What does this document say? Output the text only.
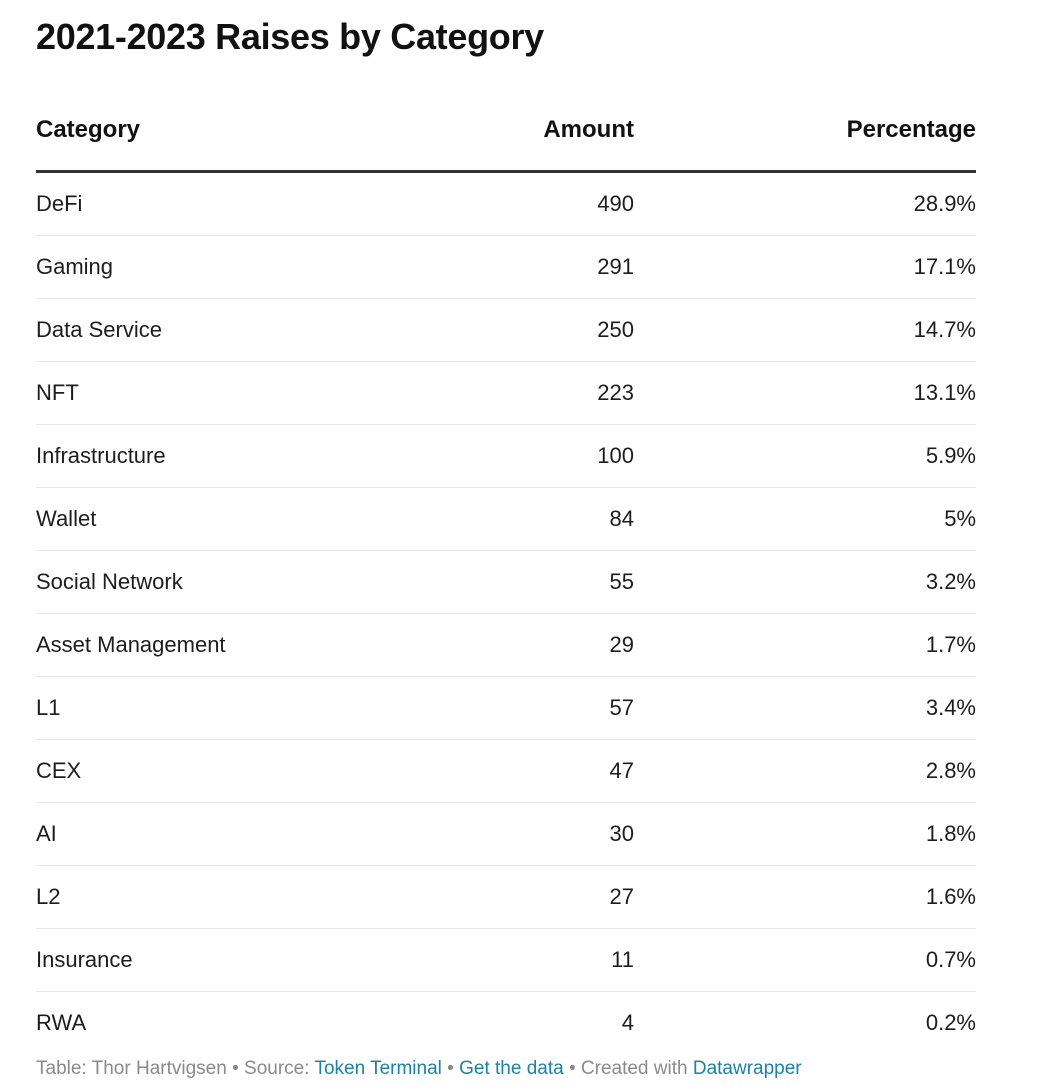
2021-2023 Raises by Category
Category	Amount	Percentage
DeFi	490	28.9%
Gaming	291	17.1%
Data Service	250	14.7%
NFT	223	13.1%
Infrastructure	100	5.9%
Wallet	84	5%
Social Network	55	3.2%
Asset Management	29	1.7%
L1	57	3.4%
CEX	47	2.8%
AI	30	1.8%
L2	27	1.6%
Insurance	11	0.7%
RWA	4	0.2%
Table: Thor Hartvigsen • Source: Token Terminal • Get the data • Created with Datawrapper
